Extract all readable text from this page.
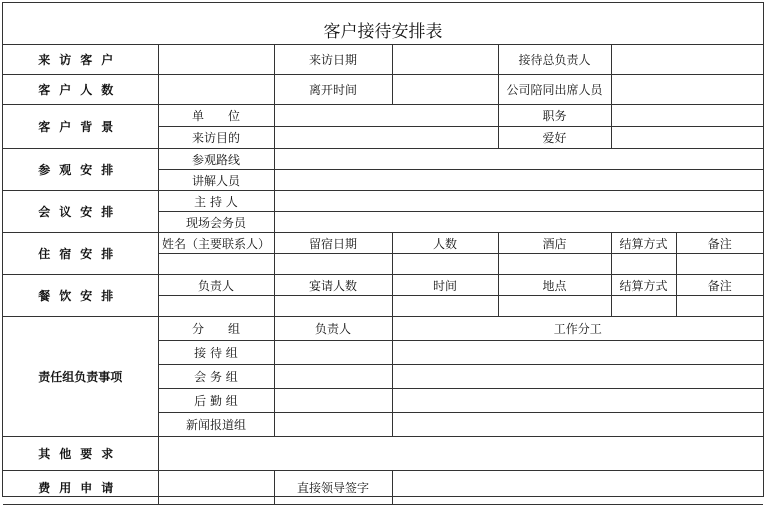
客户接待安排表
来访客户		来访日期		接待总负责人		
客户人数		离开时间		公司陪同出席人员		
客户背景	单　　位			职务		
	来访目的			爱好		
参观安排	参观路线					
	讲解人员					
会议安排	主 持 人					
	现场会务员					
住宿安排	姓名（主要联系人）	留宿日期	人数	酒店	结算方式	备注

餐饮安排	负责人	宴请人数	时间	地点	结算方式	备注

责任组负责事项	分　　组	负责人	工作分工			
	接 待 组					
	会 务 组					
	后 勤 组					
	新闻报道组					
其他要求						
费用申请		直接领导签字				
